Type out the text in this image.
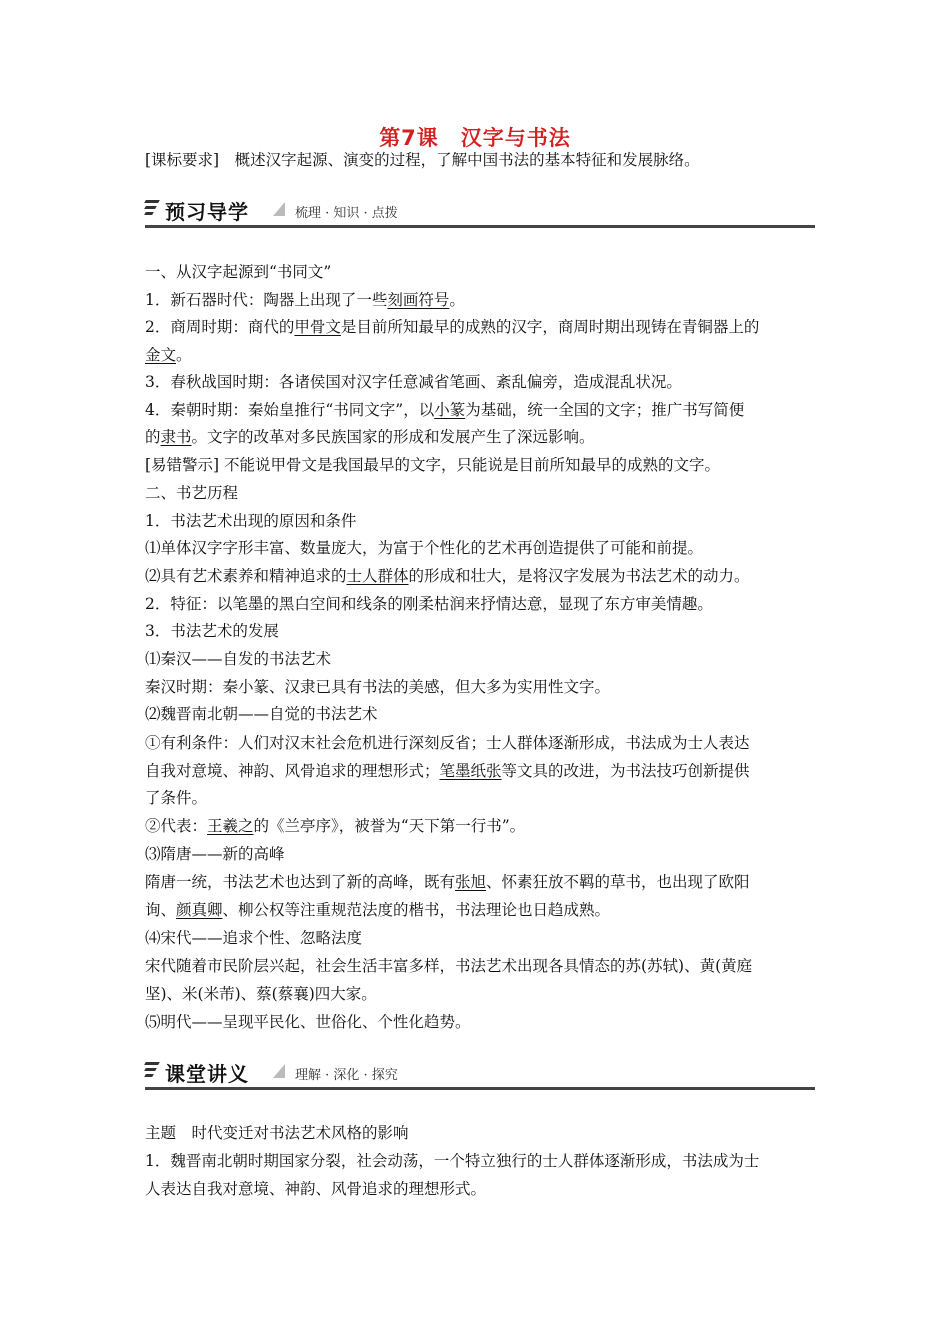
第7课　汉字与书法
[课标要求]　概述汉字起源、演变的过程，了解中国书法的基本特征和发展脉络。
预习导学	梳理 · 知识 · 点拨
一、从汉字起源到“书同文”
1．新石器时代：陶器上出现了一些刻画符号。
2．商周时期：商代的甲骨文是目前所知最早的成熟的汉字，商周时期出现铸在青铜器上的
金文。
3．春秋战国时期：各诸侯国对汉字任意减省笔画、紊乱偏旁，造成混乱状况。
4．秦朝时期：秦始皇推行“书同文字”，以小篆为基础，统一全国的文字；推广书写简便
的隶书。文字的改革对多民族国家的形成和发展产生了深远影响。
[易错警示] 不能说甲骨文是我国最早的文字，只能说是目前所知最早的成熟的文字。
二、书艺历程
1．书法艺术出现的原因和条件
⑴单体汉字字形丰富、数量庞大，为富于个性化的艺术再创造提供了可能和前提。
⑵具有艺术素养和精神追求的士人群体的形成和壮大，是将汉字发展为书法艺术的动力。
2．特征：以笔墨的黑白空间和线条的刚柔枯润来抒情达意，显现了东方审美情趣。
3．书法艺术的发展
⑴秦汉——自发的书法艺术
秦汉时期：秦小篆、汉隶已具有书法的美感，但大多为实用性文字。
⑵魏晋南北朝——自觉的书法艺术
①有利条件：人们对汉末社会危机进行深刻反省；士人群体逐渐形成，书法成为士人表达
自我对意境、神韵、风骨追求的理想形式；笔墨纸张等文具的改进，为书法技巧创新提供
了条件。
②代表：王羲之的《兰亭序》，被誉为“天下第一行书”。
⑶隋唐——新的高峰
隋唐一统，书法艺术也达到了新的高峰，既有张旭、怀素狂放不羁的草书，也出现了欧阳
询、颜真卿、柳公权等注重规范法度的楷书，书法理论也日趋成熟。
⑷宋代——追求个性、忽略法度
宋代随着市民阶层兴起，社会生活丰富多样，书法艺术出现各具情态的苏(苏轼)、黄(黄庭
坚)、米(米芾)、蔡(蔡襄)四大家。
⑸明代——呈现平民化、世俗化、个性化趋势。
课堂讲义	理解 · 深化 · 探究
主题　时代变迁对书法艺术风格的影响
1．魏晋南北朝时期国家分裂，社会动荡，一个特立独行的士人群体逐渐形成，书法成为士
人表达自我对意境、神韵、风骨追求的理想形式。
